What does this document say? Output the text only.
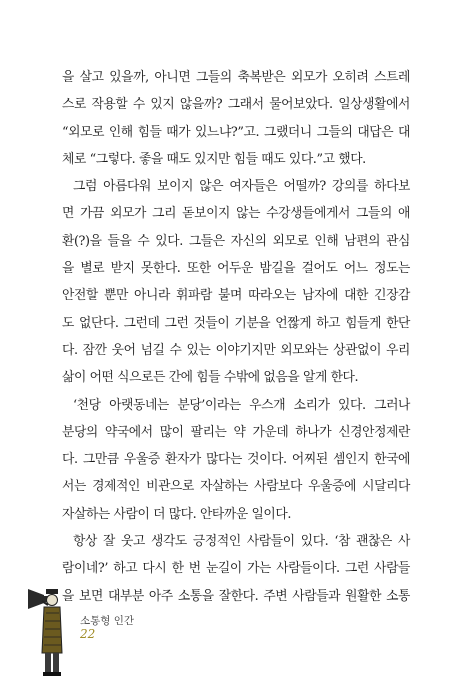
을 살고 있을까, 아니면 그들의 축복받은 외모가 오히려 스트레
스로 작용할 수 있지 않을까? 그래서 물어보았다. 일상생활에서
“외모로 인해 힘들 때가 있느냐?”고. 그랬더니 그들의 대답은 대
체로 “그렇다. 좋을 때도 있지만 힘들 때도 있다.”고 했다.
그럼 아름다워 보이지 않은 여자들은 어떨까? 강의를 하다보
면 가끔 외모가 그리 돋보이지 않는 수강생들에게서 그들의 애
환(?)을 들을 수 있다. 그들은 자신의 외모로 인해 남편의 관심
을 별로 받지 못한다. 또한 어두운 밤길을 걸어도 어느 정도는
안전할 뿐만 아니라 휘파람 불며 따라오는 남자에 대한 긴장감
도 없단다. 그런데 그런 것들이 기분을 언짢게 하고 힘들게 한단
다. 잠깐 웃어 넘길 수 있는 이야기지만 외모와는 상관없이 우리
삶이 어떤 식으로든 간에 힘들 수밖에 없음을 알게 한다.
‘천당 아랫동네는 분당’이라는 우스개 소리가 있다. 그러나
분당의 약국에서 많이 팔리는 약 가운데 하나가 신경안정제란
다. 그만큼 우울증 환자가 많다는 것이다. 어찌된 셈인지 한국에
서는 경제적인 비관으로 자살하는 사람보다 우울증에 시달리다
자살하는 사람이 더 많다. 안타까운 일이다.
항상 잘 웃고 생각도 긍정적인 사람들이 있다. ‘참 괜찮은 사
람이네?’ 하고 다시 한 번 눈길이 가는 사람들이다. 그런 사람들
을 보면 대부분 아주 소통을 잘한다. 주변 사람들과 원활한 소통
소통형 인간
22
